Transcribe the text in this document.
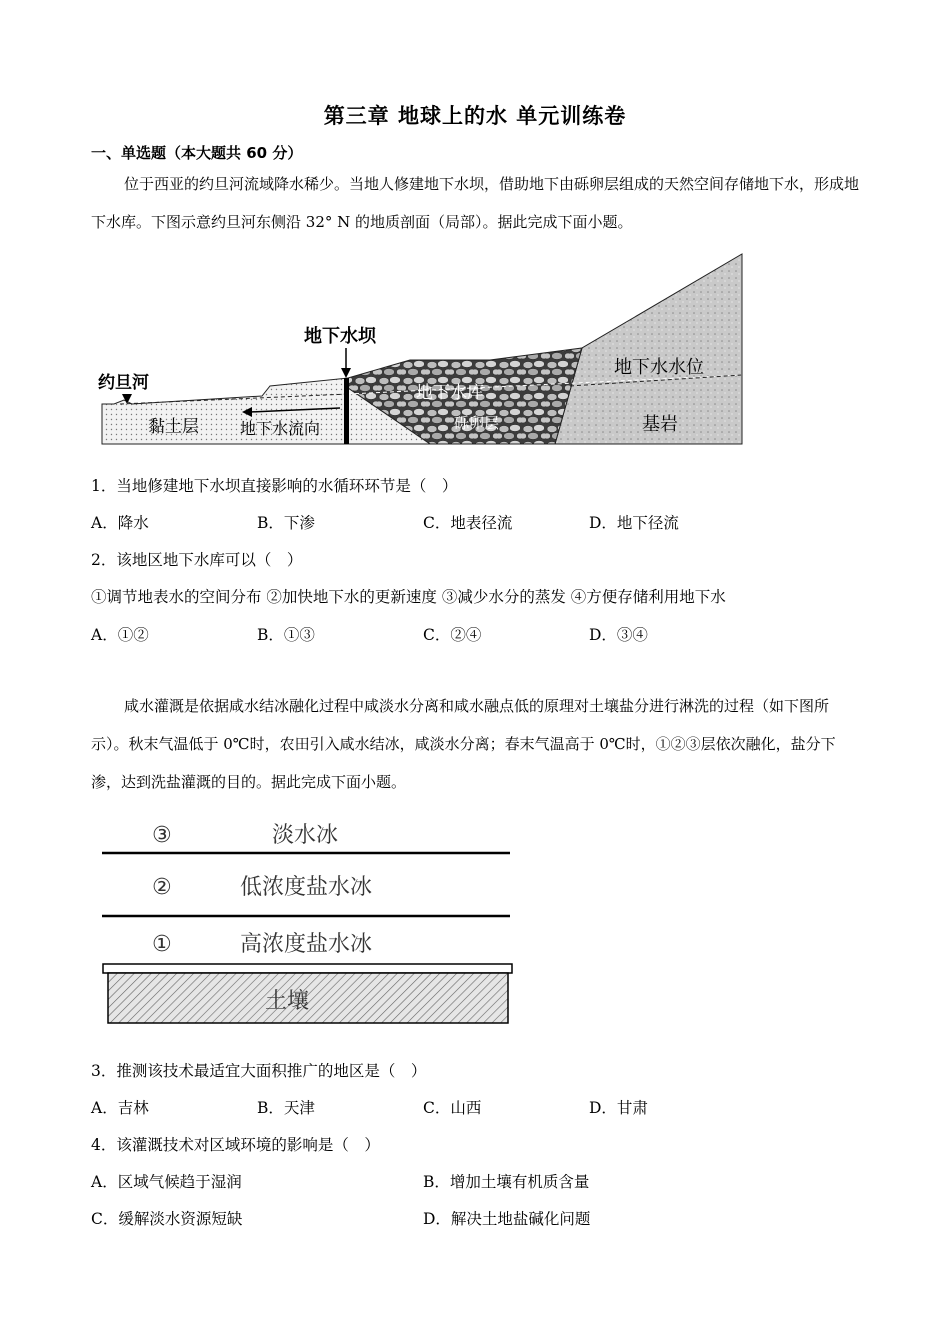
第三章 地球上的水 单元训练卷
一、单选题（本大题共 60 分）
位于西亚的约旦河流域降水稀少。当地人修建地下水坝，借助地下由砾卵层组成的天然空间存储地下水，形成地下水库。下图示意约旦河东侧沿 32° N 的地质剖面（局部）。据此完成下面小题。
约旦河
黏土层	地下水流向
地下水坝
地下水库
砾卵层
地下水水位
基岩
1．当地修建地下水坝直接影响的水循环环节是（　）
A．降水	B．下渗	C．地表径流	D．地下径流
2．该地区地下水库可以（　）
①调节地表水的空间分布 ②加快地下水的更新速度 ③减少水分的蒸发 ④方便存储利用地下水
A．①②	B．①③	C．②④	D．③④
咸水灌溉是依据咸水结冰融化过程中咸淡水分离和咸水融点低的原理对土壤盐分进行淋洗的过程（如下图所示）。秋末气温低于 0℃时，农田引入咸水结冰，咸淡水分离；春末气温高于 0℃时，①②③层依次融化，盐分下渗，达到洗盐灌溉的目的。据此完成下面小题。
③	淡水冰
②	低浓度盐水冰
①	高浓度盐水冰
土壤
3．推测该技术最适宜大面积推广的地区是（　）
A．吉林	B．天津	C．山西	D．甘肃
4．该灌溉技术对区域环境的影响是（　）
A．区域气候趋于湿润	B．增加土壤有机质含量
C．缓解淡水资源短缺	D．解决土地盐碱化问题
